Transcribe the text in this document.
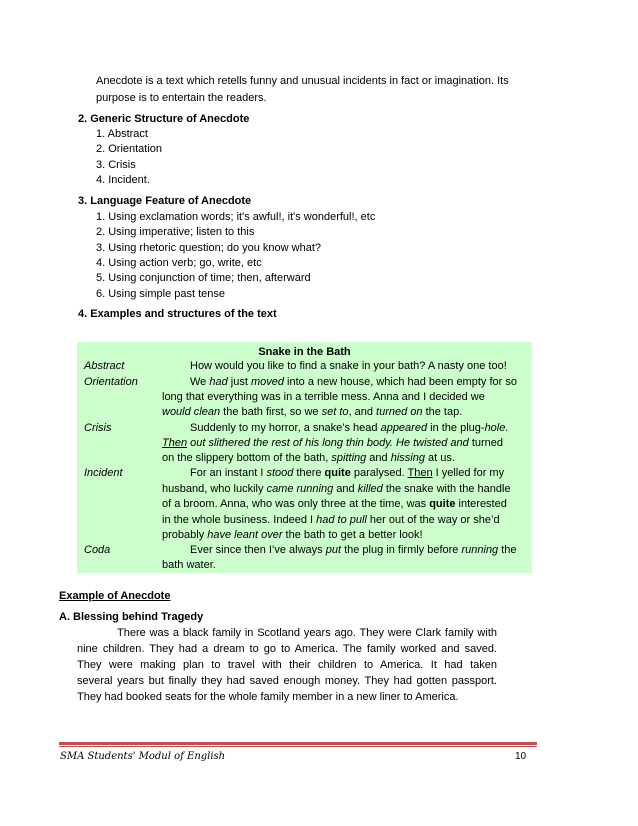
Anecdote is a text which retells funny and unusual incidents in fact or imagination. Its
purpose is to entertain the readers.
2. Generic Structure of Anecdote
1. Abstract
2. Orientation
3. Crisis
4. Incident.
3. Language Feature of Anecdote
1. Using exclamation words; it's awful!, it's wonderful!, etc
2. Using imperative; listen to this
3. Using rhetoric question; do you know what?
4. Using action verb; go, write, etc
5. Using conjunction of time; then, afterward
6. Using simple past tense
4. Examples and structures of the text
Snake in the Bath
Abstract	How would you like to find a snake in your bath? A nasty one too!
Orientation	We had just moved into a new house, which had been empty for so
long that everything was in a terrible mess. Anna and I decided we
would clean the bath first, so we set to, and turned on the tap.
Crisis	Suddenly to my horror, a snake’s head appeared in the plug-hole.
Then out slithered the rest of his long thin body. He twisted and turned
on the slippery bottom of the bath, spitting and hissing at us.
Incident	For an instant I stood there quite paralysed. Then I yelled for my
husband, who luckily came running and killed the snake with the handle
of a broom. Anna, who was only three at the time, was quite interested
in the whole business. Indeed I had to pull her out of the way or she’d
probably have leant over the bath to get a better look!
Coda	Ever since then I’ve always put the plug in firmly before running the
bath water.
Example of Anecdote
A. Blessing behind Tragedy
There was a black family in Scotland years ago. They were Clark family with
nine children. They had a dream to go to America. The family worked and saved.
They were making plan to travel with their children to America. It had taken
several years but finally they had saved enough money. They had gotten passport.
They had booked seats for the whole family member in a new liner to America.
SMA Students' Modul of English	10
